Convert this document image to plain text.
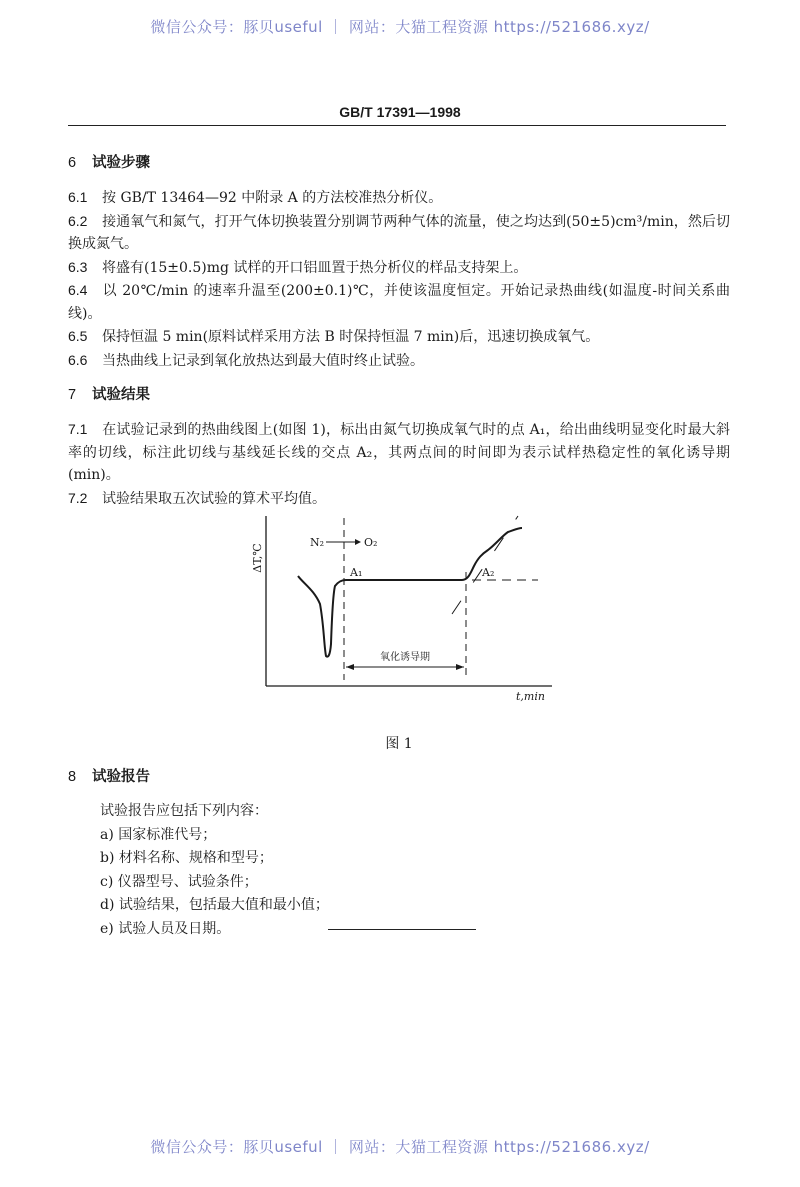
微信公众号：豚贝useful ｜ 网站：大猫工程资源 https://521686.xyz/
GB/T 17391—1998

6 试验步骤

6.1 按 GB/T 13464—92 中附录 A 的方法校准热分析仪。

6.2 接通氧气和氮气，打开气体切换装置分别调节两种气体的流量，使之均达到(50±5)cm³/min，然后切换成氮气。

6.3 将盛有(15±0.5)mg 试样的开口铝皿置于热分析仪的样品支持架上。

6.4 以 20℃/min 的速率升温至(200±0.1)℃，并使该温度恒定。开始记录热曲线(如温度-时间关系曲线)。

6.5 保持恒温 5 min(原料试样采用方法 B 时保持恒温 7 min)后，迅速切换成氧气。

6.6 当热曲线上记录到氧化放热达到最大值时终止试验。

7 试验结果

7.1 在试验记录到的热曲线图上(如图 1)，标出由氮气切换成氧气时的点 A₁，给出曲线明显变化时最大斜率的切线，标注此切线与基线延长线的交点 A₂，其两点间的时间即为表示试样热稳定性的氧化诱导期(min)。

7.2 试验结果取五次试验的算术平均值。

ΔT,℃
t,min
N₂	O₂
A₁	A₂
氧化诱导期
图 1

8 试验报告

试验报告应包括下列内容：

a) 国家标准代号；

b) 材料名称、规格和型号；

c) 仪器型号、试验条件；

d) 试验结果，包括最大值和最小值；

e) 试验人员及日期。

微信公众号：豚贝useful ｜ 网站：大猫工程资源 https://521686.xyz/
